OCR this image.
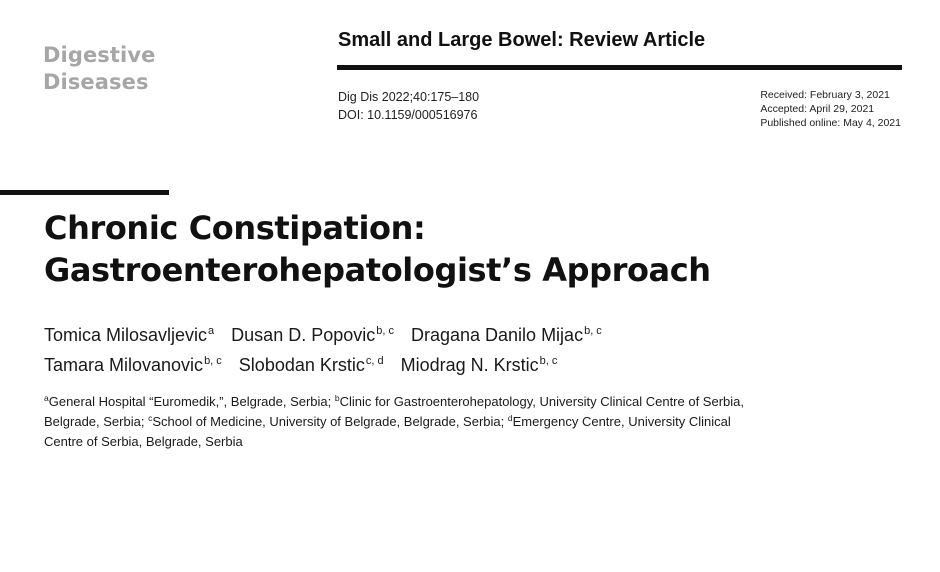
Digestive
Diseases
Small and Large Bowel: Review Article
Dig Dis 2022;40:175–180
DOI: 10.1159/000516976
Received: February 3, 2021
Accepted: April 29, 2021
Published online: May 4, 2021
Chronic Constipation:
Gastroenterohepatologist’s Approach
Tomica Milosavljevic$^a$ Dusan D. Popovic$^{b, c}$ Dragana Danilo Mijac$^{b, c}$
Tamara Milovanovic$^{b, c}$ Slobodan Krstic$^{c, d}$ Miodrag N. Krstic$^{b, c}$
$^a$General Hospital “Euromedik,”, Belgrade, Serbia; $^b$Clinic for Gastroenterohepatology, University Clinical Centre of Serbia, Belgrade, Serbia; $^c$School of Medicine, University of Belgrade, Belgrade, Serbia; $^d$Emergency Centre, University Clinical Centre of Serbia, Belgrade, Serbia
